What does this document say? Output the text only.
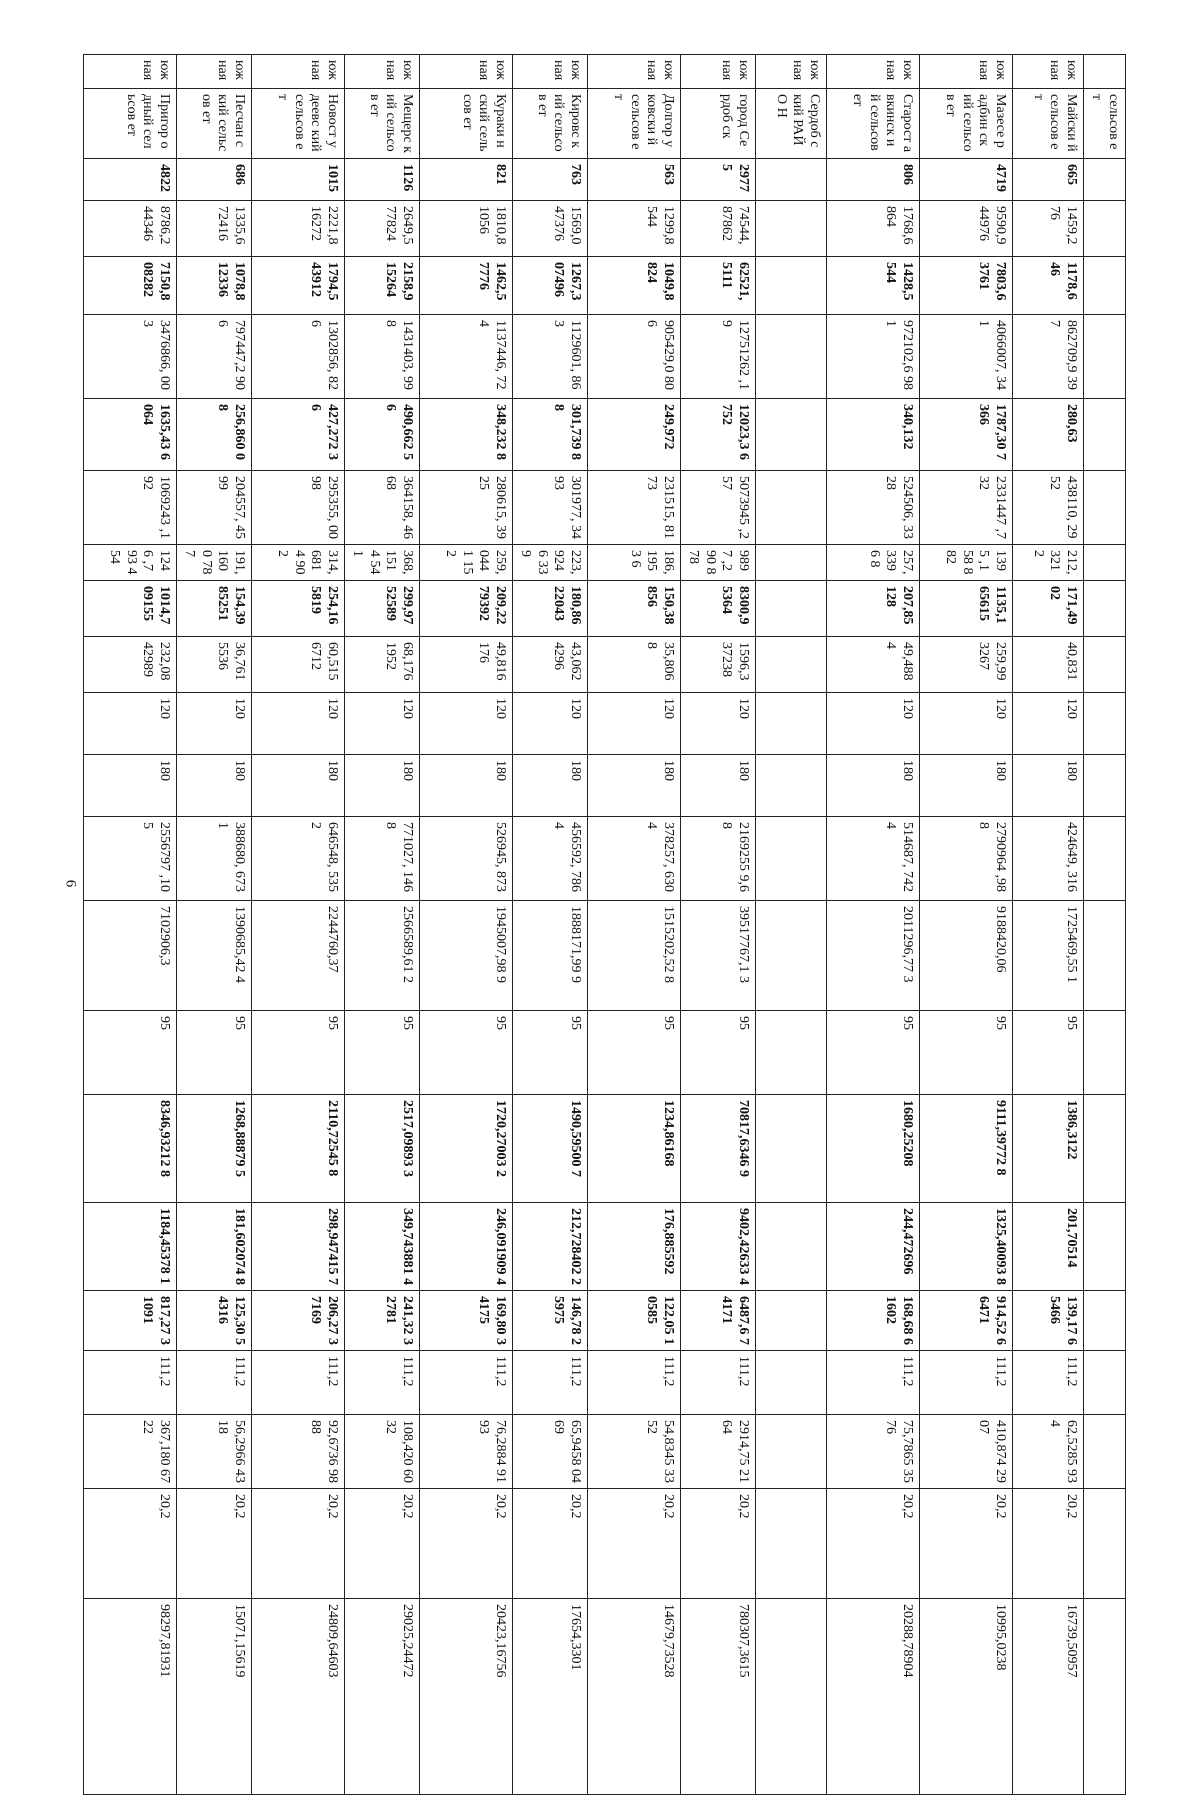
6
	сельсов ет																					
юж ная	Майски й сельсов ет	665	1459,2 76	1178,6 46	862709,9 397	280,63	438110, 2952	212, 3212	171,49 02	40,831	120	180	424649, 316	1725469,55 1	95	1386,3122	201,70514	139,17 65466	111,2	62,5285 934	20,2	16739,50957
юж ная	Мазесе радбин ский сельсов ет	4719	9590,9 44976	7803,6 3761	4066007, 341	1787,30 7366	2331447 ,732	1395 ,158 882	1135,1 65615	259,99 3267	120	180	2790964 ,988	9188420,06	95	9111,39772 8	1325,40093 8	914,52 66471	111,2	410,874 2907	20,2	10995,0238
юж ная	Старост авкинск ий сельсов ет	806	1768,6 864	1428,5 544	972102,6 981	340,132	524506, 3328	257, 3396 8	207,85 128	49,488 4	120	180	514687, 7424	2011296,77 3	95	1680,25208	244,472696	168,68 61602	111,2	75,7865 3576	20,2	20288,78904
юж ная	Сердоб ский РАЙО Н																					
юж ная	город Сердоб ск	2977 5	74544, 87862	62521, 5111	12751262 ,19	12023,3 6752	5073945 ,257	9897 ,290 878	8300,9 5364	1596,3 37238	120	180	2169255 9,68	39517767,1 3	95	70817,6346 9	9402,42633 4	6487,6 74171	111,2	2914,75 2164	20,2	780307,3615
юж ная	Долгор уковски й сельсов ет	563	1299,8 544	1049,8 824	905429,0 806	249,972	231515, 8173	186, 1953 6	150,38 856	35,806 8	120	180	378257, 6304	1515202,52 8	95	1234,86168	176,885592	122,05 10585	111,2	54,8345 3352	20,2	14679,73528
юж ная	Кировс кий сельсов ет	763	1569,0 47376	1267,3 07496	1129601, 863	301,739 88	301977, 3493	223, 9246 339	180,86 22043	43,062 4296	120	180	456592, 7864	1888171,99 9	95	1490,59500 7	212,728402 2	146,78 25975	111,2	65,9458 0469	20,2	17654,3301
юж ная	Кураки нский сельсов ет	821	1810,8 1056	1462,5 7776	1137446, 724	348,232 8	280615, 3925	259, 0441 152	209,22 79392	49,816 176	120	180	526945, 873	1945007,98 9	95	1720,27003 2	246,091909 4	169,80 34175	111,2	76,2884 9193	20,2	20423,16756
юж ная	Мещерс кий сельсов ет	1126	2649,5 77824	2158,9 15264	1431403, 998	490,662 56	364158, 4668	368, 1514 541	299,97 52589	68,176 1952	120	180	771027, 1468	2566589,61 2	95	2517,09893 3	349,743881 4	241,32 32781	111,2	108,420 6032	20,2	29025,24472
юж ная	Новост удеевс кий сельсов ет	1015	2221,8 16272	1794,5 43912	1302856, 826	427,272 36	295355, 0098	314, 6814 902	254,16 5819	60,515 6712	120	180	646548, 5352	2244760,37	95	2110,72545 8	298,947415 7	206,27 37169	111,2	92,6736 9888	20,2	24809,64603
юж ная	Песчан ский сельсов ет	686	1335,6 72416	1078,8 12336	797447,2 906	256,860 08	204557, 4599	191, 1600 787	154,39 85251	36,761 5536	120	180	388680, 6731	1390685,42 4	95	1268,88879 5	181,602074 8	125,30 54316	111,2	56,2966 4318	20,2	15071,15619
юж ная	Пригор одный сельсов ет	4822	8786,2 44346	7150,8 08282	3476866, 003	1635,43 6064	1069243 ,192	1246 ,793 454	1014,7 09155	232,08 42989	120	180	2556797 ,105	7102906,3	95	8346,93212 8	1184,45378 1	817,27 31091	111,2	367,180 6722	20,2	98297,81931
